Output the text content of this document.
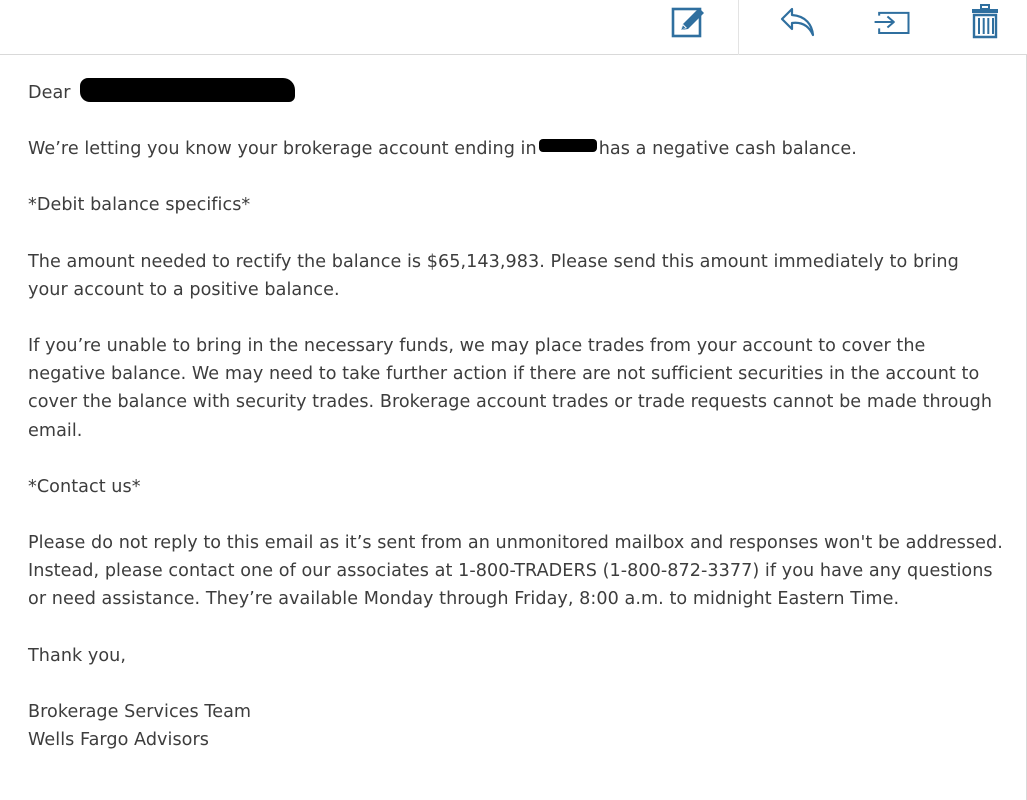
Dear

We’re letting you know your brokerage account ending in	has a negative cash balance.

*Debit balance specifics*

The amount needed to rectify the balance is $65,143,983. Please send this amount immediately to bring your account to a positive balance.

If you’re unable to bring in the necessary funds, we may place trades from your account to cover the negative balance. We may need to take further action if there are not sufficient securities in the account to cover the balance with security trades. Brokerage account trades or trade requests cannot be made through email.

*Contact us*

Please do not reply to this email as it’s sent from an unmonitored mailbox and responses won't be addressed. Instead, please contact one of our associates at 1-800-TRADERS (1-800-872-3377) if you have any questions or need assistance. They’re available Monday through Friday, 8:00 a.m. to midnight Eastern Time.

Thank you,

Brokerage Services Team

Wells Fargo Advisors
